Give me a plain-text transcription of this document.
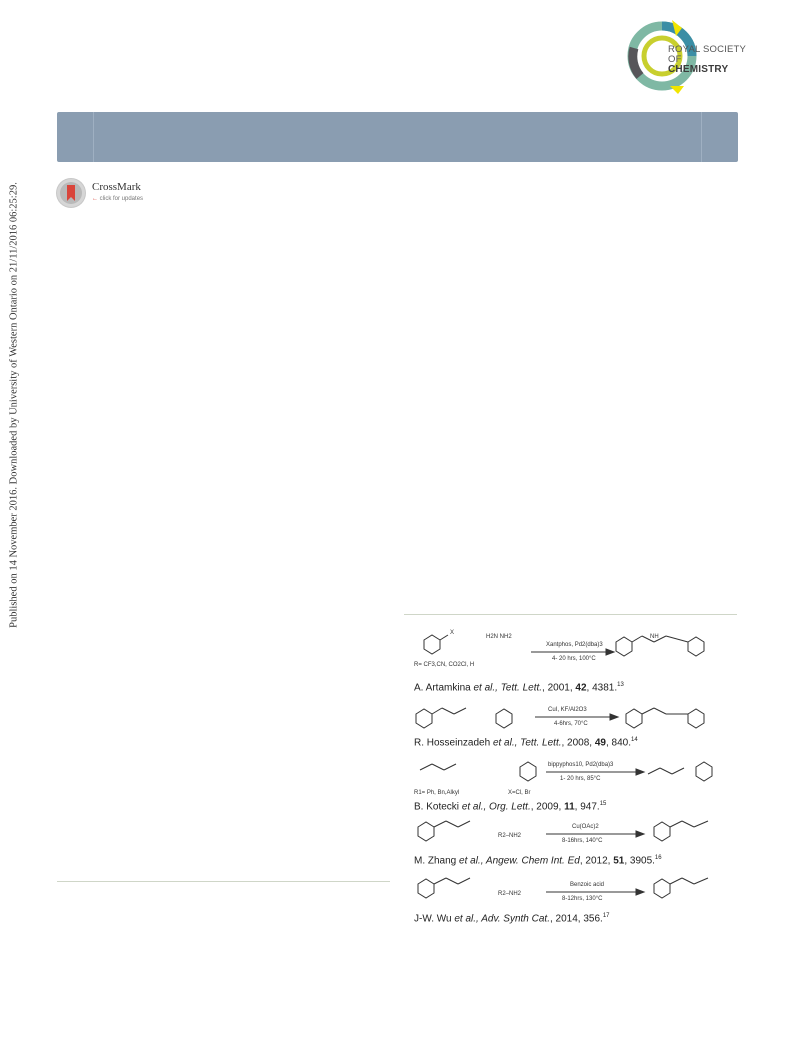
Published on 14 November 2016. Downloaded by University of Western Ontario on 21/11/2016 06:25:29.
ROYAL SOCIETY
OF
CHEMISTRY
CrossMark
← click for updates
X
R= CF3,CN, CO2Cl, H
H2N NH2
Xantphos, Pd2(dba)3
4- 20 hrs, 100°C
NH
CuI, KF/Al2O3
4-6hrs, 70°C
R1= Ph, Bn,Alkyl	X=Cl, Br
bippyphos10, Pd2(dba)3
1- 20 hrs, 85°C
R2–NH2
Cu(OAc)2
8-16hrs, 140°C
R2–NH2
Benzoic acid
8-12hrs, 130°C
A. Artamkina et al., Tett. Lett., 2001, 42, 4381.13
R. Hosseinzadeh et al., Tett. Lett., 2008, 49, 840.14
B. Kotecki et al., Org. Lett., 2009, 11, 947.15
M. Zhang et al., Angew. Chem Int. Ed, 2012, 51, 3905.16
J-W. Wu et al., Adv. Synth Cat., 2014, 356.17
